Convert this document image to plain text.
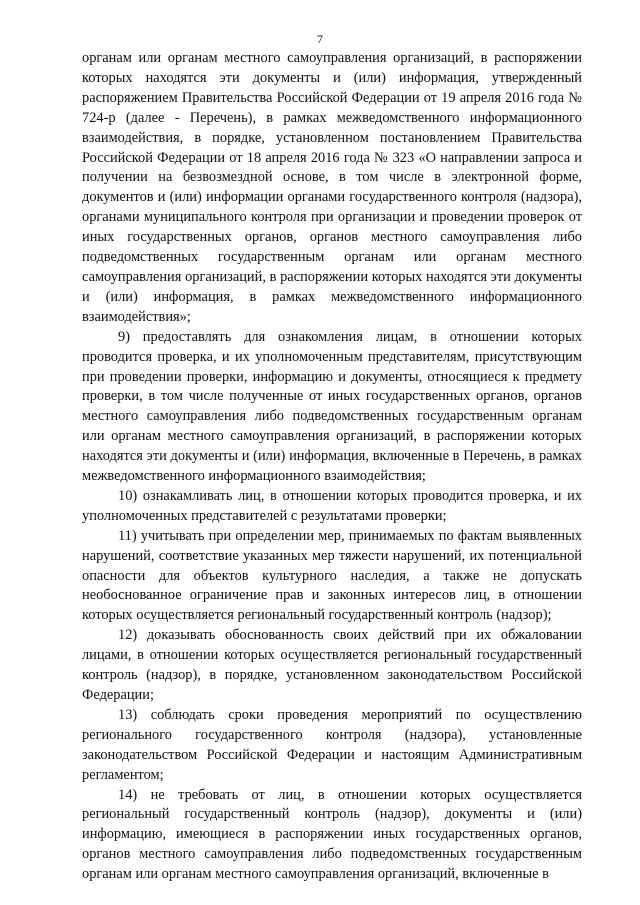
7

органам или органам местного самоуправления организаций, в распоряжении которых находятся эти документы и (или) информация, утвержденный распоряжением Правительства Российской Федерации от 19 апреля 2016 года № 724-р (далее - Перечень), в рамках межведомственного информационного взаимодействия, в порядке, установленном постановлением Правительства Российской Федерации от 18 апреля 2016 года № 323 «О направлении запроса и получении на безвозмездной основе, в том числе в электронной форме, документов и (или) информации органами государственного контроля (надзора), органами муниципального контроля при организации и проведении проверок от иных государственных органов, органов местного самоуправления либо подведомственных государственным органам или органам местного самоуправления организаций, в распоряжении которых находятся эти документы и (или) информация, в рамках межведомственного информационного взаимодействия»;

9) предоставлять для ознакомления лицам, в отношении которых проводится проверка, и их уполномоченным представителям, присутствующим при проведении проверки, информацию и документы, относящиеся к предмету проверки, в том числе полученные от иных государственных органов, органов местного самоуправления либо подведомственных государственным органам или органам местного самоуправления организаций, в распоряжении которых находятся эти документы и (или) информация, включенные в Перечень, в рамках межведомственного информационного взаимодействия;

10) ознакамливать лиц, в отношении которых проводится проверка, и их уполномоченных представителей с результатами проверки;

11) учитывать при определении мер, принимаемых по фактам выявленных нарушений, соответствие указанных мер тяжести нарушений, их потенциальной опасности для объектов культурного наследия, а также не допускать необоснованное ограничение прав и законных интересов лиц, в отношении которых осуществляется региональный государственный контроль (надзор);

12) доказывать обоснованность своих действий при их обжаловании лицами, в отношении которых осуществляется региональный государственный контроль (надзор), в порядке, установленном законодательством Российской Федерации;

13) соблюдать сроки проведения мероприятий по осуществлению регионального государственного контроля (надзора), установленные законодательством Российской Федерации и настоящим Административным регламентом;

14) не требовать от лиц, в отношении которых осуществляется региональный государственный контроль (надзор), документы и (или) информацию, имеющиеся в распоряжении иных государственных органов, органов местного самоуправления либо подведомственных государственным органам или органам местного самоуправления организаций, включенные в
